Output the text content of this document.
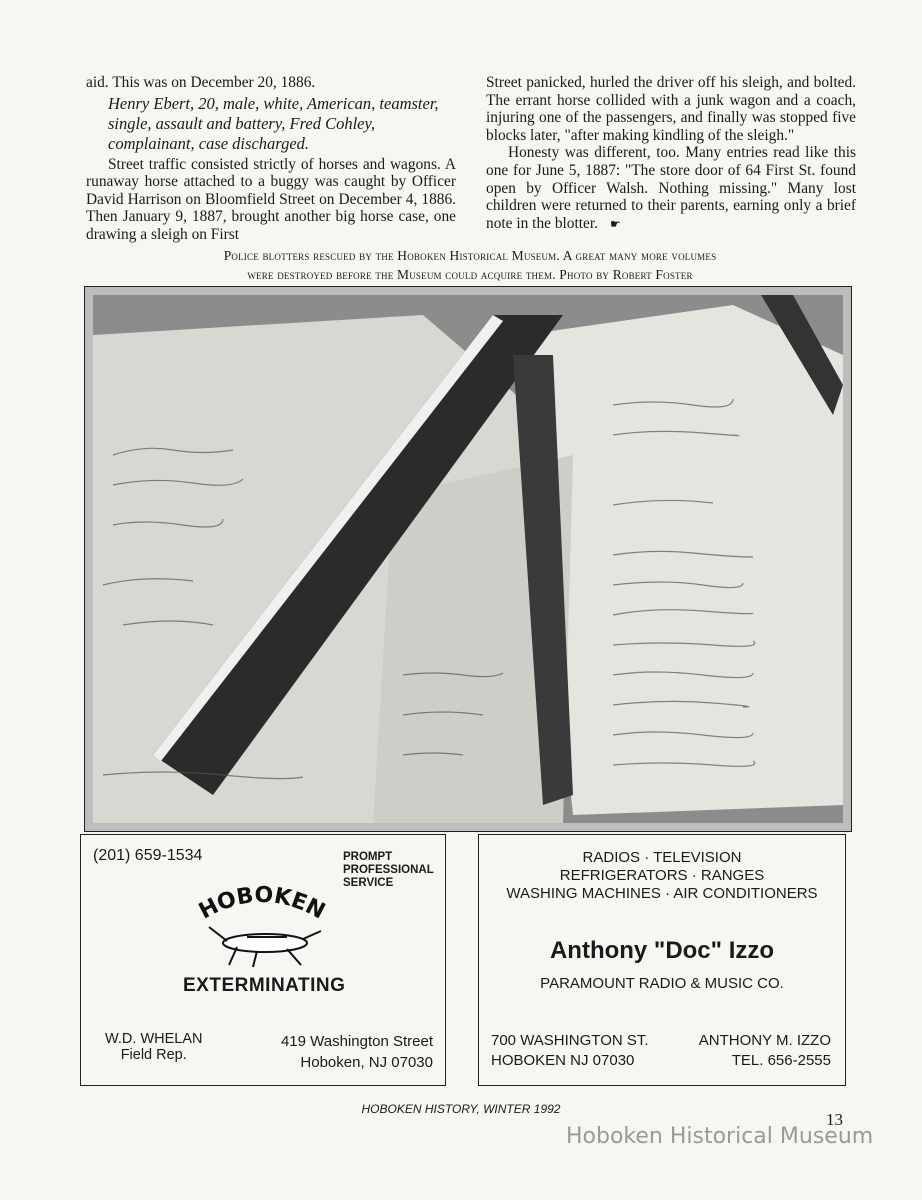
aid. This was on December 20, 1886.

Henry Ebert, 20, male, white, American, teamster, single, assault and battery, Fred Cohley, complainant, case discharged.

Street traffic consisted strictly of horses and wagons. A runaway horse attached to a buggy was caught by Officer David Harrison on Bloomfield Street on December 4, 1886. Then January 9, 1887, brought another big horse case, one drawing a sleigh on First

Street panicked, hurled the driver off his sleigh, and bolted. The errant horse collided with a junk wagon and a coach, injuring one of the passengers, and finally was stopped five blocks later, "after making kindling of the sleigh."

Honesty was different, too. Many entries read like this one for June 5, 1887: "The store door of 64 First St. found open by Officer Walsh. Nothing missing." Many lost children were returned to their parents, earning only a brief note in the blotter. ☛

Police blotters rescued by the Hoboken Historical Museum. A great many more volumes
were destroyed before the Museum could acquire them. Photo by Robert Foster
(201) 659-1534	PROMPT
PROFESSIONAL
SERVICE
HOBOKEN
EXTERMINATING
W.D. WHELAN
Field Rep.
419 Washington Street
Hoboken, NJ 07030
RADIOS · TELEVISION
REFRIGERATORS · RANGES
WASHING MACHINES · AIR CONDITIONERS
Anthony "Doc" Izzo
PARAMOUNT RADIO & MUSIC CO.
700 WASHINGTON ST.
HOBOKEN NJ 07030
ANTHONY M. IZZO
TEL. 656-2555
HOBOKEN HISTORY, WINTER 1992
13
Hoboken Historical Museum
